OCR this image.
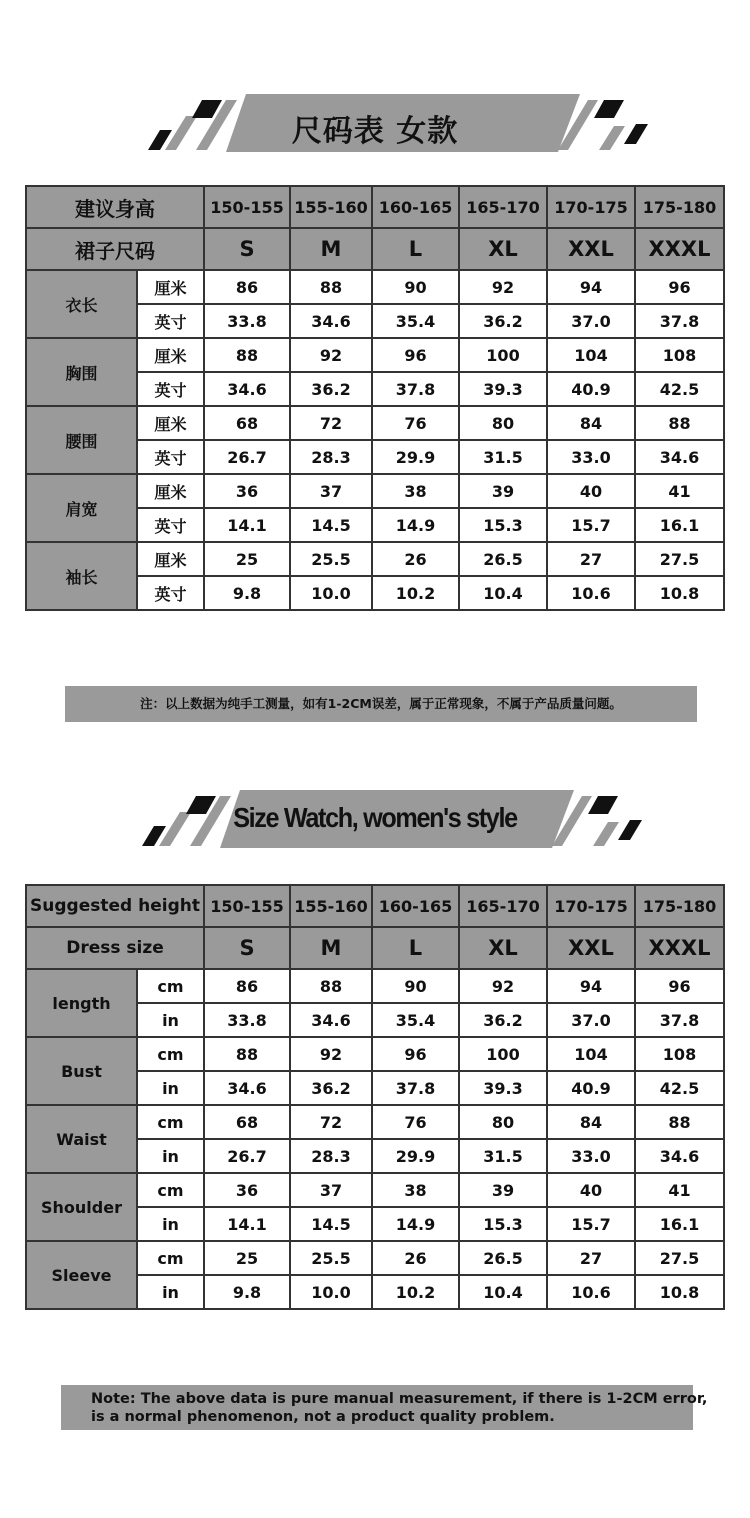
尺码表 女款
建议身高		150-155	155-160	160-165	165-170	170-175	175-180
裙子尺码		S	M	L	XL	XXL	XXXL
衣长	厘米	86	88	90	92	94	96
	英寸	33.8	34.6	35.4	36.2	37.0	37.8
胸围	厘米	88	92	96	100	104	108
	英寸	34.6	36.2	37.8	39.3	40.9	42.5
腰围	厘米	68	72	76	80	84	88
	英寸	26.7	28.3	29.9	31.5	33.0	34.6
肩宽	厘米	36	37	38	39	40	41
	英寸	14.1	14.5	14.9	15.3	15.7	16.1
袖长	厘米	25	25.5	26	26.5	27	27.5
	英寸	9.8	10.0	10.2	10.4	10.6	10.8
注：以上数据为纯手工测量，如有1-2CM误差，属于正常现象，不属于产品质量问题。
Size Watch, women's style
Suggested height		150-155	155-160	160-165	165-170	170-175	175-180
Dress size		S	M	L	XL	XXL	XXXL
length	cm	86	88	90	92	94	96
	in	33.8	34.6	35.4	36.2	37.0	37.8
Bust	cm	88	92	96	100	104	108
	in	34.6	36.2	37.8	39.3	40.9	42.5
Waist	cm	68	72	76	80	84	88
	in	26.7	28.3	29.9	31.5	33.0	34.6
Shoulder	cm	36	37	38	39	40	41
	in	14.1	14.5	14.9	15.3	15.7	16.1
Sleeve	cm	25	25.5	26	26.5	27	27.5
	in	9.8	10.0	10.2	10.4	10.6	10.8
Note: The above data is pure manual measurement, if there is 1-2CM error,
is a normal phenomenon, not a product quality problem.
